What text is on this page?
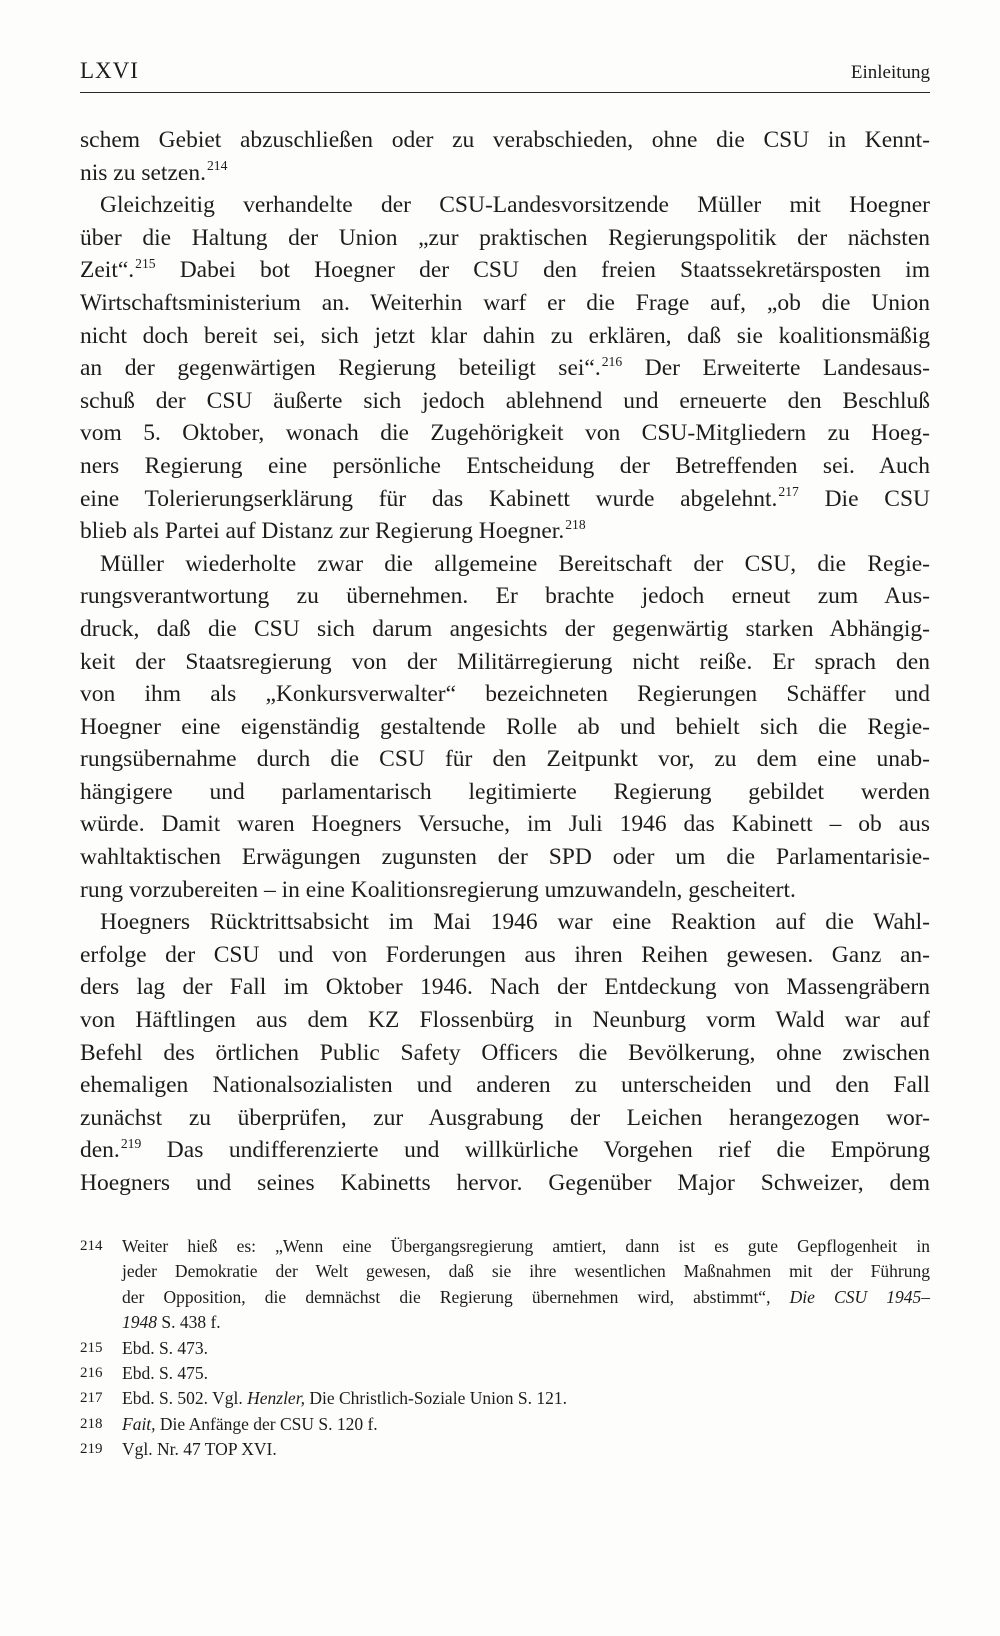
LXVI	Einleitung
schem Gebiet abzuschließen oder zu verabschieden, ohne die CSU in Kennt-
nis zu setzen.$^{214}$
Gleichzeitig verhandelte der CSU-Landesvorsitzende Müller mit Hoegner
über die Haltung der Union „zur praktischen Regierungspolitik der nächsten
Zeit“.$^{215}$ Dabei bot Hoegner der CSU den freien Staatssekretärsposten im
Wirtschaftsministerium an. Weiterhin warf er die Frage auf, „ob die Union
nicht doch bereit sei, sich jetzt klar dahin zu erklären, daß sie koalitionsmäßig
an der gegenwärtigen Regierung beteiligt sei“.$^{216}$ Der Erweiterte Landesaus-
schuß der CSU äußerte sich jedoch ablehnend und erneuerte den Beschluß
vom 5. Oktober, wonach die Zugehörigkeit von CSU-Mitgliedern zu Hoeg-
ners Regierung eine persönliche Entscheidung der Betreffenden sei. Auch
eine Tolerierungserklärung für das Kabinett wurde abgelehnt.$^{217}$ Die CSU
blieb als Partei auf Distanz zur Regierung Hoegner.$^{218}$
Müller wiederholte zwar die allgemeine Bereitschaft der CSU, die Regie-
rungsverantwortung zu übernehmen. Er brachte jedoch erneut zum Aus-
druck, daß die CSU sich darum angesichts der gegenwärtig starken Abhängig-
keit der Staatsregierung von der Militärregierung nicht reiße. Er sprach den
von ihm als „Konkursverwalter“ bezeichneten Regierungen Schäffer und
Hoegner eine eigenständig gestaltende Rolle ab und behielt sich die Regie-
rungsübernahme durch die CSU für den Zeitpunkt vor, zu dem eine unab-
hängigere und parlamentarisch legitimierte Regierung gebildet werden
würde. Damit waren Hoegners Versuche, im Juli 1946 das Kabinett – ob aus
wahltaktischen Erwägungen zugunsten der SPD oder um die Parlamentarisie-
rung vorzubereiten – in eine Koalitionsregierung umzuwandeln, gescheitert.
Hoegners Rücktrittsabsicht im Mai 1946 war eine Reaktion auf die Wahl-
erfolge der CSU und von Forderungen aus ihren Reihen gewesen. Ganz an-
ders lag der Fall im Oktober 1946. Nach der Entdeckung von Massengräbern
von Häftlingen aus dem KZ Flossenbürg in Neunburg vorm Wald war auf
Befehl des örtlichen Public Safety Officers die Bevölkerung, ohne zwischen
ehemaligen Nationalsozialisten und anderen zu unterscheiden und den Fall
zunächst zu überprüfen, zur Ausgrabung der Leichen herangezogen wor-
den.$^{219}$ Das undifferenzierte und willkürliche Vorgehen rief die Empörung
Hoegners und seines Kabinetts hervor. Gegenüber Major Schweizer, dem
214 Weiter hieß es: „Wenn eine Übergangsregierung amtiert, dann ist es gute Gepflogenheit in
jeder Demokratie der Welt gewesen, daß sie ihre wesentlichen Maßnahmen mit der Führung
der Opposition, die demnächst die Regierung übernehmen wird, abstimmt“, Die CSU 1945–
1948 S. 438 f.
215 Ebd. S. 473.
216 Ebd. S. 475.
217 Ebd. S. 502. Vgl. Henzler, Die Christlich-Soziale Union S. 121.
218 Fait, Die Anfänge der CSU S. 120 f.
219 Vgl. Nr. 47 TOP XVI.
